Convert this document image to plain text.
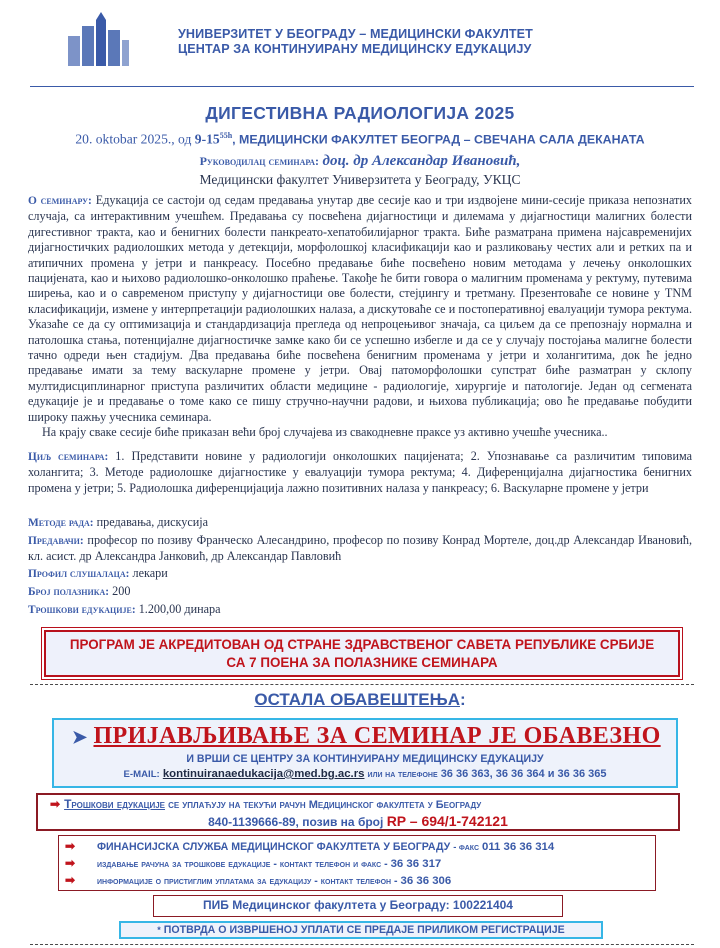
УНИВЕРЗИТЕТ У БЕОГРАДУ – МЕДИЦИНСКИ ФАКУЛТЕТ
ЦЕНТАР ЗА КОНТИНУИРАНУ МЕДИЦИНСКУ ЕДУКАЦИЈУ
ДИГЕСТИВНА РАДИОЛОГИЈА 2025
20. oktobar 2025., од $9-15^{55h}$, МЕДИЦИНСКИ ФАКУЛТЕТ БЕОГРАД – СВЕЧАНА САЛА ДЕКАНАТА
Руководилац семинара: доц. др Александар Ивановић,
Медицински факултет Универзитета у Београду, УКЦС
О семинару: Едукација се састоји од седам предавања унутар две сесије као и три издвојене мини-сесије приказа непознатих случаја, са интерактивним учешћем. Предавања су посвећена дијагностици и дилемама у дијагностици малигних болести дигестивног тракта, као и бенигних болести панкреато-хепатобилијарног тракта. Биће разматрана примена најсавременијих дијагностичких радиолошких метода у детекцији, морфолошкој класификацији као и разликовању честих али и ретких па и атипичних промена у јетри и панкреасу. Посебно предавање биће посвећено новим методама у лечењу онколошких пацијената, као и њихово радиолошко-онколошко праћење. Такође ће бити говора о малигним променама у ректуму, путевима ширења, као и о савременом приступу у дијагностици ове болести, стејџингу и третману. Презентоваће се новине у TNM класификацији, измене у интерпретацији радиолошких налаза, а дискутоваће се и постоперативној евалуацији тумора ректума. Указаће се да су оптимизација и стандардизација прегледа од непроцењивог значаја, са циљем да се препознају нормална и патолошка стања, потенцијалне дијагностичке замке како би се успешно избегле и да се у случају постојања малигне болести тачно одреди њен стадијум. Два предавања биће посвећена бенигним променама у јетри и холангитима, док ће једно предавање имати за тему васкуларне промене у јетри. Овај патоморфолошки супстрат биће разматран у склопу мултидисциплинарног приступа различитих области медицине - радиологије, хирургије и патологије. Један од сегмената едукације је и предавање о томе како се пишу стручно-научни радови, и њихова публикација; ово ће предавање побудити широку пажњу учесника семинара.
На крају сваке сесије биће приказан већи број случајева из свакодневне праксе уз активно учешће учесника..
Циљ семинара: 1. Представити новине у радиологији онколошких пацијената; 2. Упознавање са различитим типовима холангита; 3. Методе радиолошке дијагностике у евалуацији тумора ректума; 4. Диференцијална дијагностика бенигних промена у јетри; 5. Радиолошка диференцијација лажно позитивних налаза у панкреасу; 6. Васкуларне промене у јетри
Методе рада: предавања, дискусија
Предавачи: професор по позиву Франческо Алесандрино, професор по позиву Конрад Мортеле, доц.др Александар Ивановић, кл. асист. др Александра Јанковић, др Александар Павловић
Профил слушалаца: лекари
Број полазника: 200
Трошкови едукације: 1.200,00 динара
ПРОГРАМ ЈЕ АКРЕДИТОВАН ОД СТРАНЕ ЗДРАВСТВЕНОГ САВЕТА РЕПУБЛИКЕ СРБИЈЕ
СА 7 ПОЕНА ЗА ПОЛАЗНИКЕ СЕМИНАРА
ОСТАЛА ОБАВЕШТЕЊА:
➤ ПРИЈАВЉИВАЊЕ ЗА СЕМИНАР ЈЕ ОБАВЕЗНО
И ВРШИ СЕ ЦЕНТРУ ЗА КОНТИНУИРАНУ МЕДИЦИНСКУ ЕДУКАЦИЈУ
E-MAIL: kontinuiranaedukacija@med.bg.ac.rs или на телефоне 36 36 363, 36 36 364 и 36 36 365
➡ Трошкови едукације се уплаћују на текући рачун Медицинског факултета у Београду
840-1139666-89, позив на број RP – 694/1-742121
➡ ФИНАНСИЈСКА СЛУЖБА МЕДИЦИНСКОГ ФАКУЛТЕТА У БЕОГРАДУ - факс 011 36 36 314
➡ издавање рачуна за трошкове едукације - контакт телефон и факс - 36 36 317
➡ информације о пристиглим уплатама за едукацију - контакт телефон - 36 36 306
ПИБ Медицинског факултета у Београду: 100221404
* ПОТВРДА О ИЗВРШЕНОЈ УПЛАТИ СЕ ПРЕДАЈЕ ПРИЛИКОМ РЕГИСТРАЦИЈЕ
